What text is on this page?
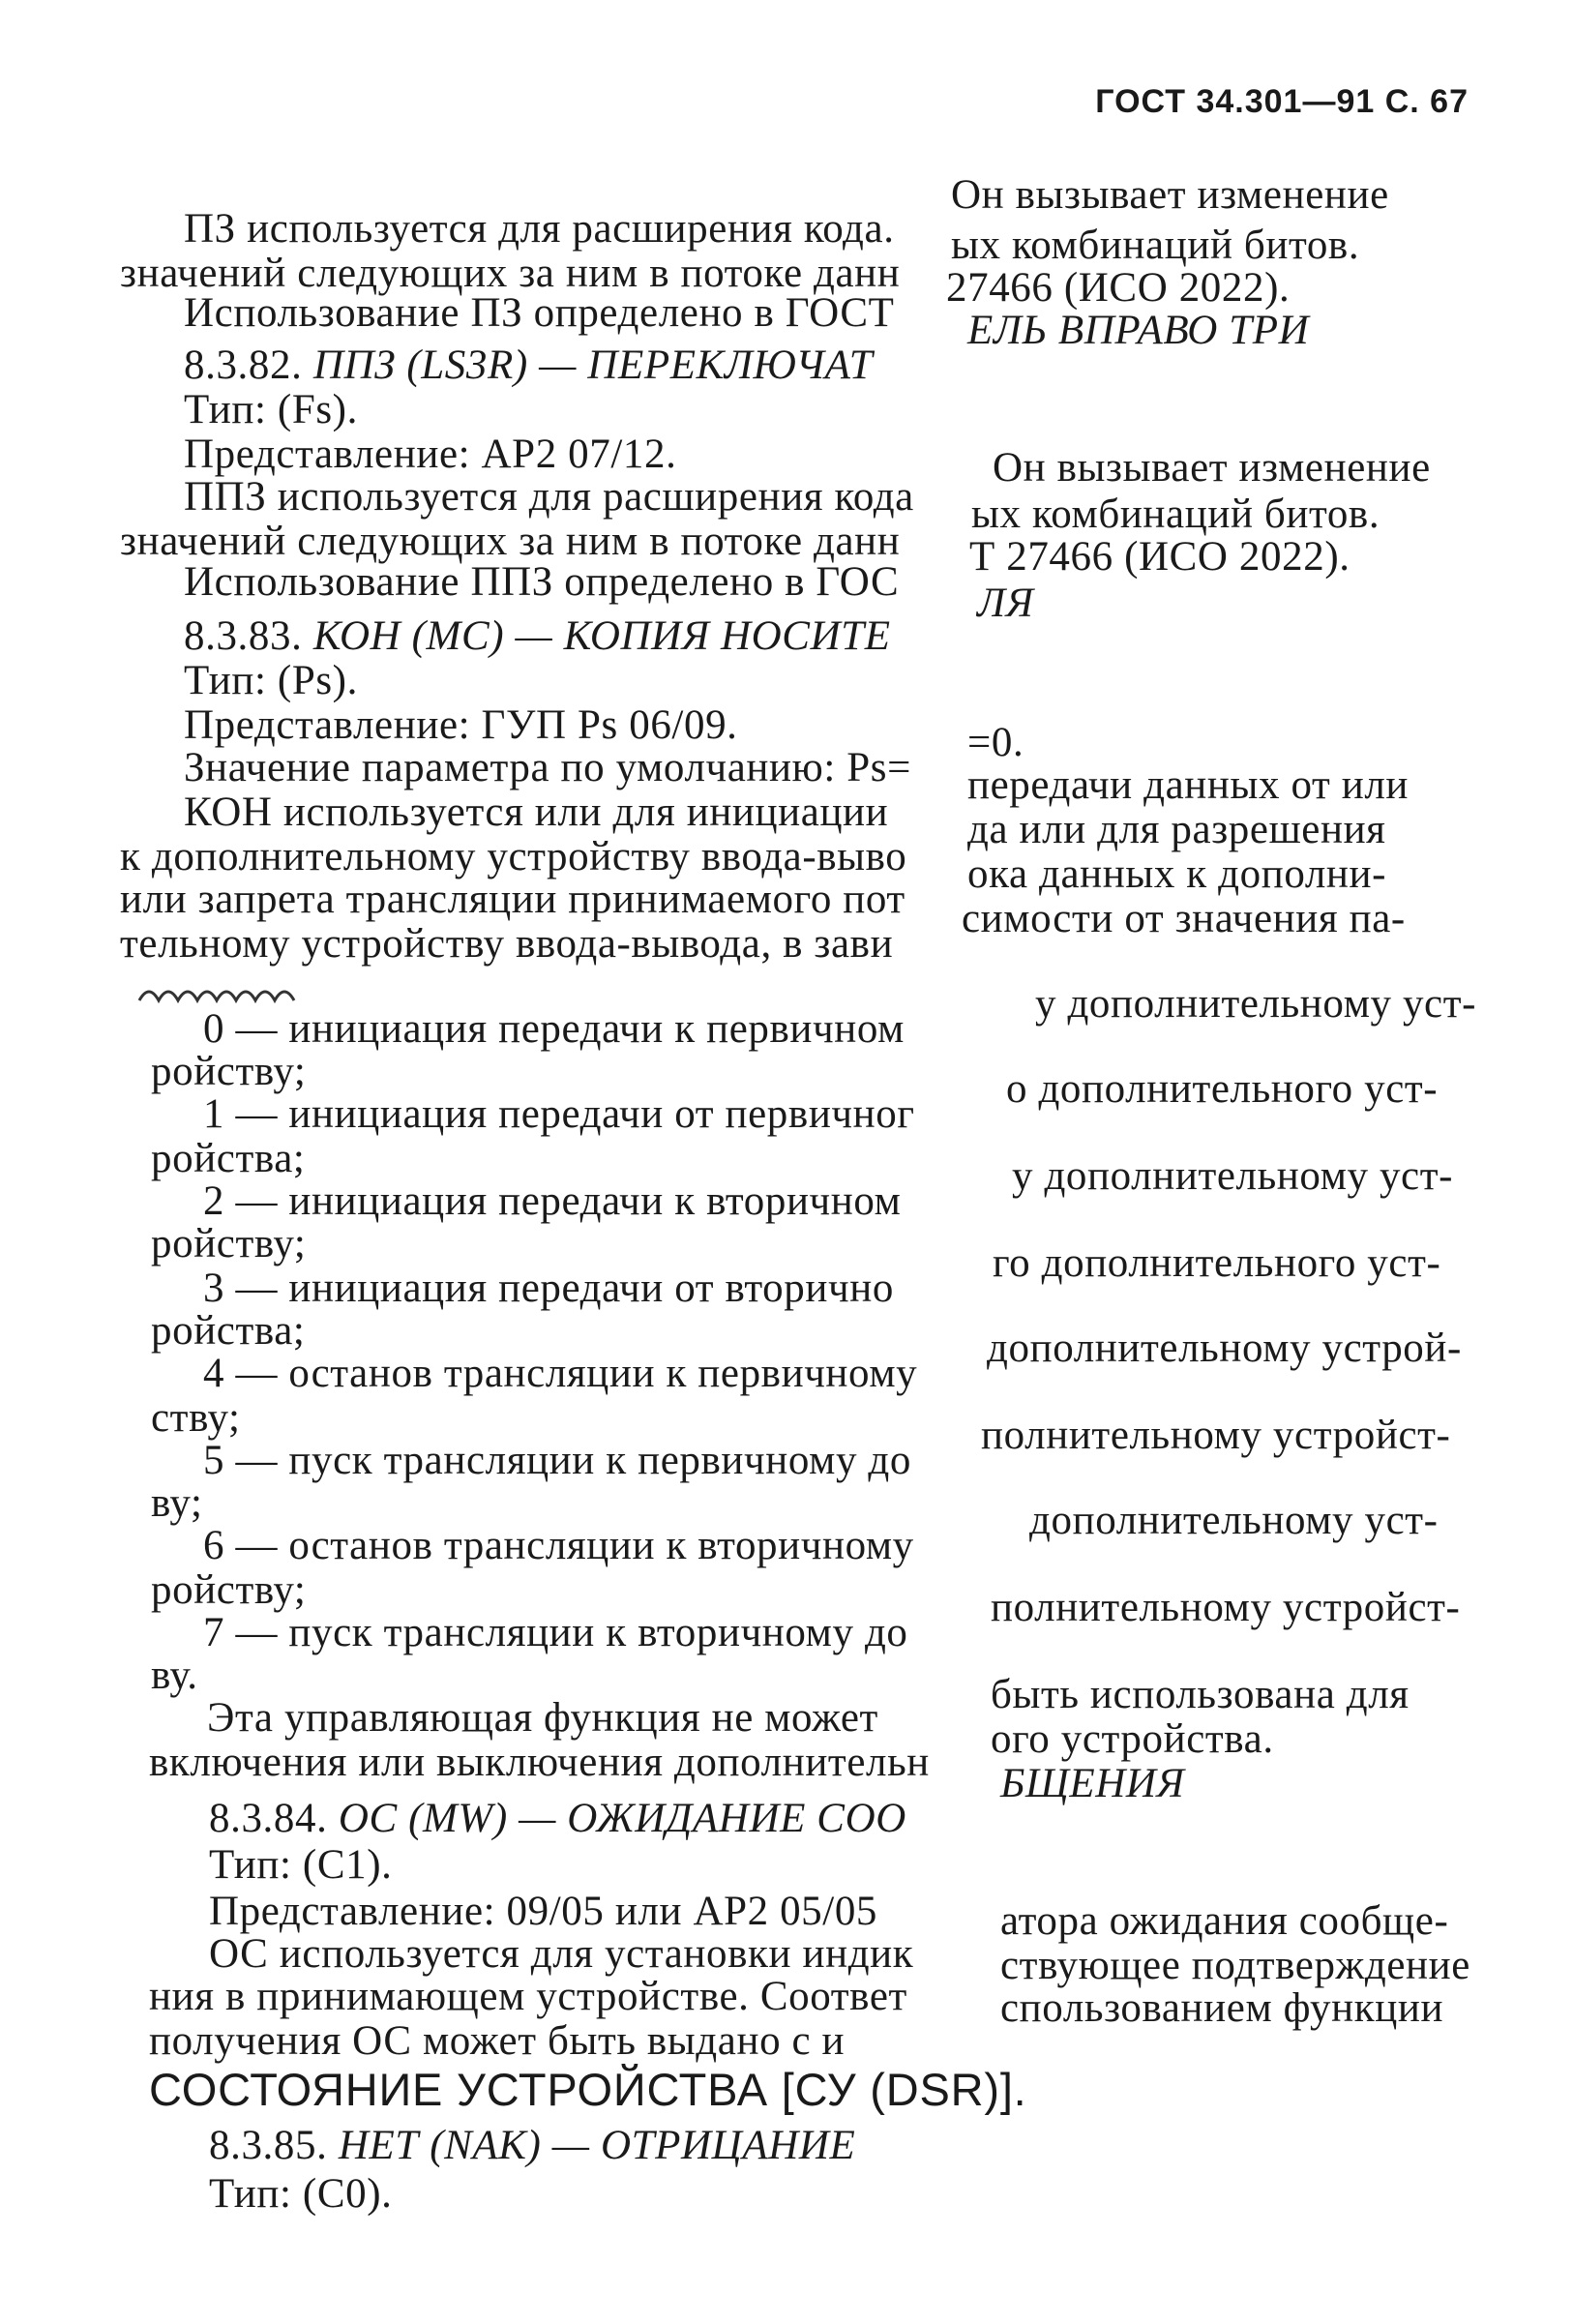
ГОСТ 34.301—91 С. 67
Он вызывает изменение
ПЗ используется для расширения кода. ых комбинаций битов.
значений следующих за ним в потоке данн 27466 (ИСО 2022).
Использование ПЗ определено в ГОСТ
8.3.82. ППЗ (LS3R) — ПЕРЕКЛЮЧАТ
ЕЛЬ ВПРАВО ТРИ
Тип: (Fs).
Представление: АР2 07/12.	Он вызывает изменение
ППЗ используется для расширения кода ых комбинаций битов.
значений следующих за ним в потоке данн Т 27466 (ИСО 2022).
Использование ППЗ определено в ГОС
8.3.83. КОН (МС) — КОПИЯ НОСИТЕ
ЛЯ
Тип: (Ps).
Представление: ГУП Ps 06/09.	=0.
Значение параметра по умолчанию: Ps= передачи данных от или
КОН используется или для инициации да или для разрешения
к дополнительному устройству ввода-выво ока данных к дополни-
или запрета трансляции принимаемого пот симости от значения па-
тельному устройству ввода-вывода, в зави
0 — инициация передачи к первичном
у дополнительному уст-
ройству;
1 — инициация передачи от первичног
о дополнительного уст-
ройства;
2 — инициация передачи к вторичном
у дополнительному уст-
ройству;
3 — инициация передачи от вторично
го дополнительного уст-
ройства;
4 — останов трансляции к первичному
дополнительному устрой-
ству;
5 — пуск трансляции к первичному до
полнительному устройст-
ву;
6 — останов трансляции к вторичному
дополнительному уст-
ройству;
7 — пуск трансляции к вторичному до
полнительному устройст-
ву.
Эта управляющая функция не может
быть использована для
включения или выключения дополнительн
ого устройства.
8.3.84. ОС (MW) — ОЖИДАНИЕ СОО
БЩЕНИЯ
Тип: (С1).
Представление: 09/05 или АР2 05/05	атора ожидания сообще-
ОС используется для установки индик ствующее подтверждение
ния в принимающем устройстве. Соответ спользованием функции
получения ОС может быть выдано с и
СОСТОЯНИЕ УСТРОЙСТВА [СУ (DSR)].
8.3.85. НЕТ (NAK) — ОТРИЦАНИЕ
Тип: (С0).
